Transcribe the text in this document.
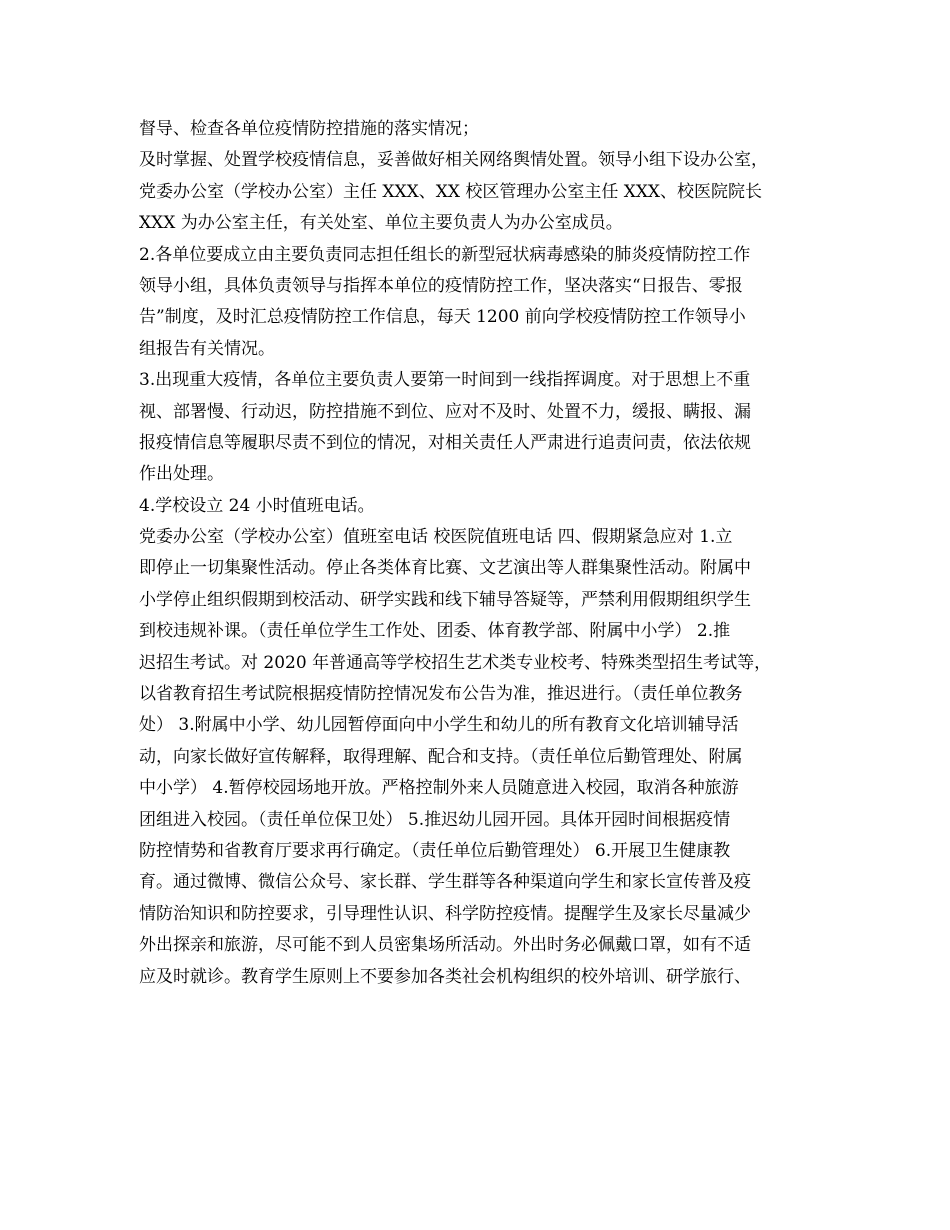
督导、检查各单位疫情防控措施的落实情况；
及时掌握、处置学校疫情信息，妥善做好相关网络舆情处置。领导小组下设办公室，
党委办公室（学校办公室）主任 XXX、XX 校区管理办公室主任 XXX、校医院院长
XXX 为办公室主任，有关处室、单位主要负责人为办公室成员。
2.各单位要成立由主要负责同志担任组长的新型冠状病毒感染的肺炎疫情防控工作
领导小组，具体负责领导与指挥本单位的疫情防控工作，坚决落实“日报告、零报
告”制度，及时汇总疫情防控工作信息，每天 1200 前向学校疫情防控工作领导小
组报告有关情况。
3.出现重大疫情，各单位主要负责人要第一时间到一线指挥调度。对于思想上不重
视、部署慢、行动迟，防控措施不到位、应对不及时、处置不力，缓报、瞒报、漏
报疫情信息等履职尽责不到位的情况，对相关责任人严肃进行追责问责，依法依规
作出处理。
4.学校设立 24 小时值班电话。
党委办公室（学校办公室）值班室电话 校医院值班电话 四、假期紧急应对 1.立
即停止一切集聚性活动。停止各类体育比赛、文艺演出等人群集聚性活动。附属中
小学停止组织假期到校活动、研学实践和线下辅导答疑等，严禁利用假期组织学生
到校违规补课。（责任单位学生工作处、团委、体育教学部、附属中小学） 2.推
迟招生考试。对 2020 年普通高等学校招生艺术类专业校考、特殊类型招生考试等，
以省教育招生考试院根据疫情防控情况发布公告为准，推迟进行。（责任单位教务
处） 3.附属中小学、幼儿园暂停面向中小学生和幼儿的所有教育文化培训辅导活
动，向家长做好宣传解释，取得理解、配合和支持。（责任单位后勤管理处、附属
中小学） 4.暂停校园场地开放。严格控制外来人员随意进入校园，取消各种旅游
团组进入校园。（责任单位保卫处） 5.推迟幼儿园开园。具体开园时间根据疫情
防控情势和省教育厅要求再行确定。（责任单位后勤管理处） 6.开展卫生健康教
育。通过微博、微信公众号、家长群、学生群等各种渠道向学生和家长宣传普及疫
情防治知识和防控要求，引导理性认识、科学防控疫情。提醒学生及家长尽量减少
外出探亲和旅游，尽可能不到人员密集场所活动。外出时务必佩戴口罩，如有不适
应及时就诊。教育学生原则上不要参加各类社会机构组织的校外培训、研学旅行、
